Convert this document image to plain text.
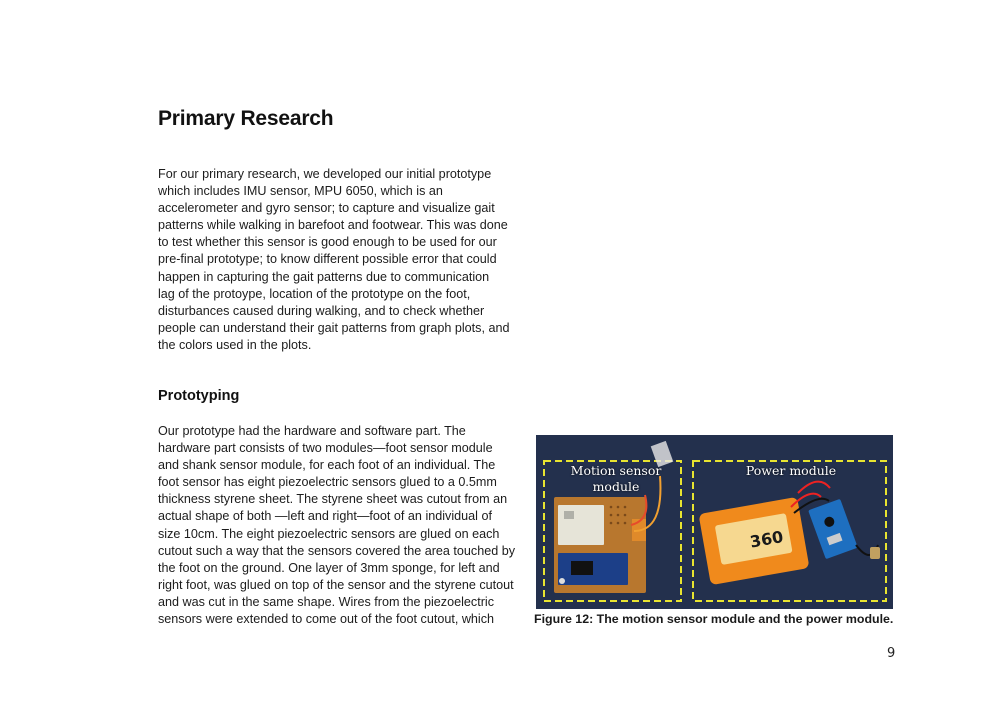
Primary Research
For our primary research, we developed our initial prototype
which includes IMU sensor, MPU 6050, which is an
accelerometer and gyro sensor; to capture and visualize gait
patterns while walking in barefoot and footwear. This was done
to test whether this sensor is good enough to be used for our
pre-final prototype; to know different possible error that could
happen in capturing the gait patterns due to communication
lag of the protoype, location of the prototype on the foot,
disturbances caused during walking, and to check whether
people can understand their gait patterns from graph plots, and
the colors used in the plots.
Prototyping
Our prototype had the hardware and software part. The
hardware part consists of two modules—foot sensor module
and shank sensor module, for each foot of an individual. The
foot sensor has eight piezoelectric sensors glued to a 0.5mm
thickness styrene sheet. The styrene sheet was cutout from an
actual shape of both —left and right—foot of an individual of
size 10cm. The eight piezoelectric sensors are glued on each
cutout such a way that the sensors covered the area touched by
the foot on the ground. One layer of 3mm sponge, for left and
right foot, was glued on top of the sensor and the styrene cutout
and was cut in the same shape. Wires from the piezoelectric
sensors were extended to come out of the foot cutout, which
360
Motion sensor
module
Power module
Figure 12: The motion sensor module and the power module.
9
